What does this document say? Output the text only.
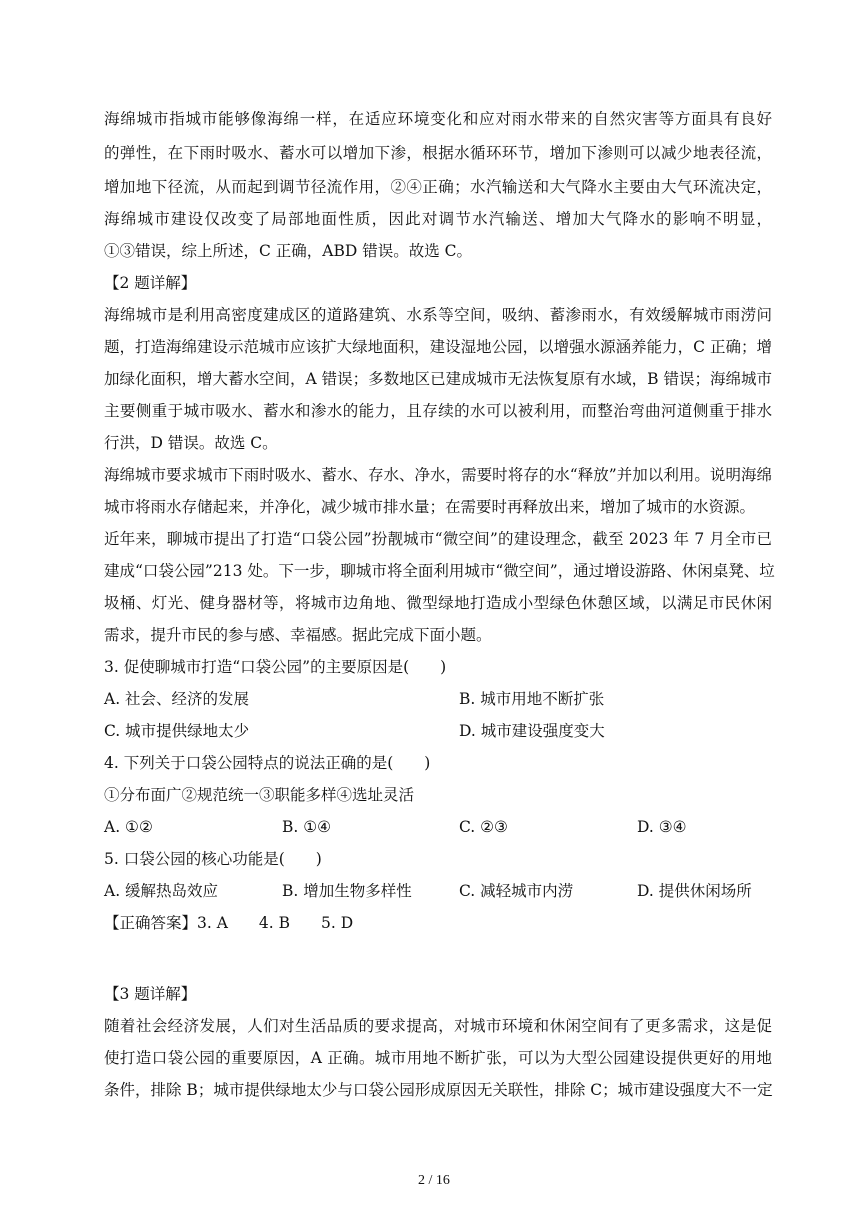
海绵城市指城市能够像海绵一样，在适应环境变化和应对雨水带来的自然灾害等方面具有良好
的弹性，在下雨时吸水、蓄水可以增加下渗，根据水循环环节，增加下渗则可以减少地表径流，
增加地下径流，从而起到调节径流作用，②④正确；水汽输送和大气降水主要由大气环流决定，
海绵城市建设仅改变了局部地面性质，因此对调节水汽输送、增加大气降水的影响不明显，
①③错误，综上所述，C 正确，ABD 错误。故选 C。
【2 题详解】
海绵城市是利用高密度建成区的道路建筑、水系等空间，吸纳、蓄渗雨水，有效缓解城市雨涝问
题，打造海绵建设示范城市应该扩大绿地面积，建设湿地公园，以增强水源涵养能力，C 正确；增
加绿化面积，增大蓄水空间，A 错误；多数地区已建成城市无法恢复原有水域，B 错误；海绵城市
主要侧重于城市吸水、蓄水和渗水的能力，且存续的水可以被利用，而整治弯曲河道侧重于排水
行洪，D 错误。故选 C。
海绵城市要求城市下雨时吸水、蓄水、存水、净水，需要时将存的水“释放”并加以利用。说明海绵
城市将雨水存储起来，并净化，减少城市排水量；在需要时再释放出来，增加了城市的水资源。
近年来，聊城市提出了打造“口袋公园”扮靓城市“微空间”的建设理念，截至 2023 年 7 月全市已
建成“口袋公园”213 处。下一步，聊城市将全面利用城市“微空间”，通过增设游路、休闲桌凳、垃
圾桶、灯光、健身器材等，将城市边角地、微型绿地打造成小型绿色休憩区域，以满足市民休闲
需求，提升市民的参与感、幸福感。据此完成下面小题。
3. 促使聊城市打造“口袋公园”的主要原因是(　　)
A. 社会、经济的发展	B. 城市用地不断扩张
C. 城市提供绿地太少	D. 城市建设强度变大
4. 下列关于口袋公园特点的说法正确的是(　　)
①分布面广②规范统一③职能多样④选址灵活
A. ①②	B. ①④	C. ②③	D. ③④
5. 口袋公园的核心功能是(　　)
A. 缓解热岛效应	B. 增加生物多样性	C. 减轻城市内涝	D. 提供休闲场所
【正确答案】3. A　　4. B　　5. D
【3 题详解】
随着社会经济发展，人们对生活品质的要求提高，对城市环境和休闲空间有了更多需求，这是促
使打造口袋公园的重要原因，A 正确。城市用地不断扩张，可以为大型公园建设提供更好的用地
条件，排除 B；城市提供绿地太少与口袋公园形成原因无关联性，排除 C；城市建设强度大不一定
2 / 16
